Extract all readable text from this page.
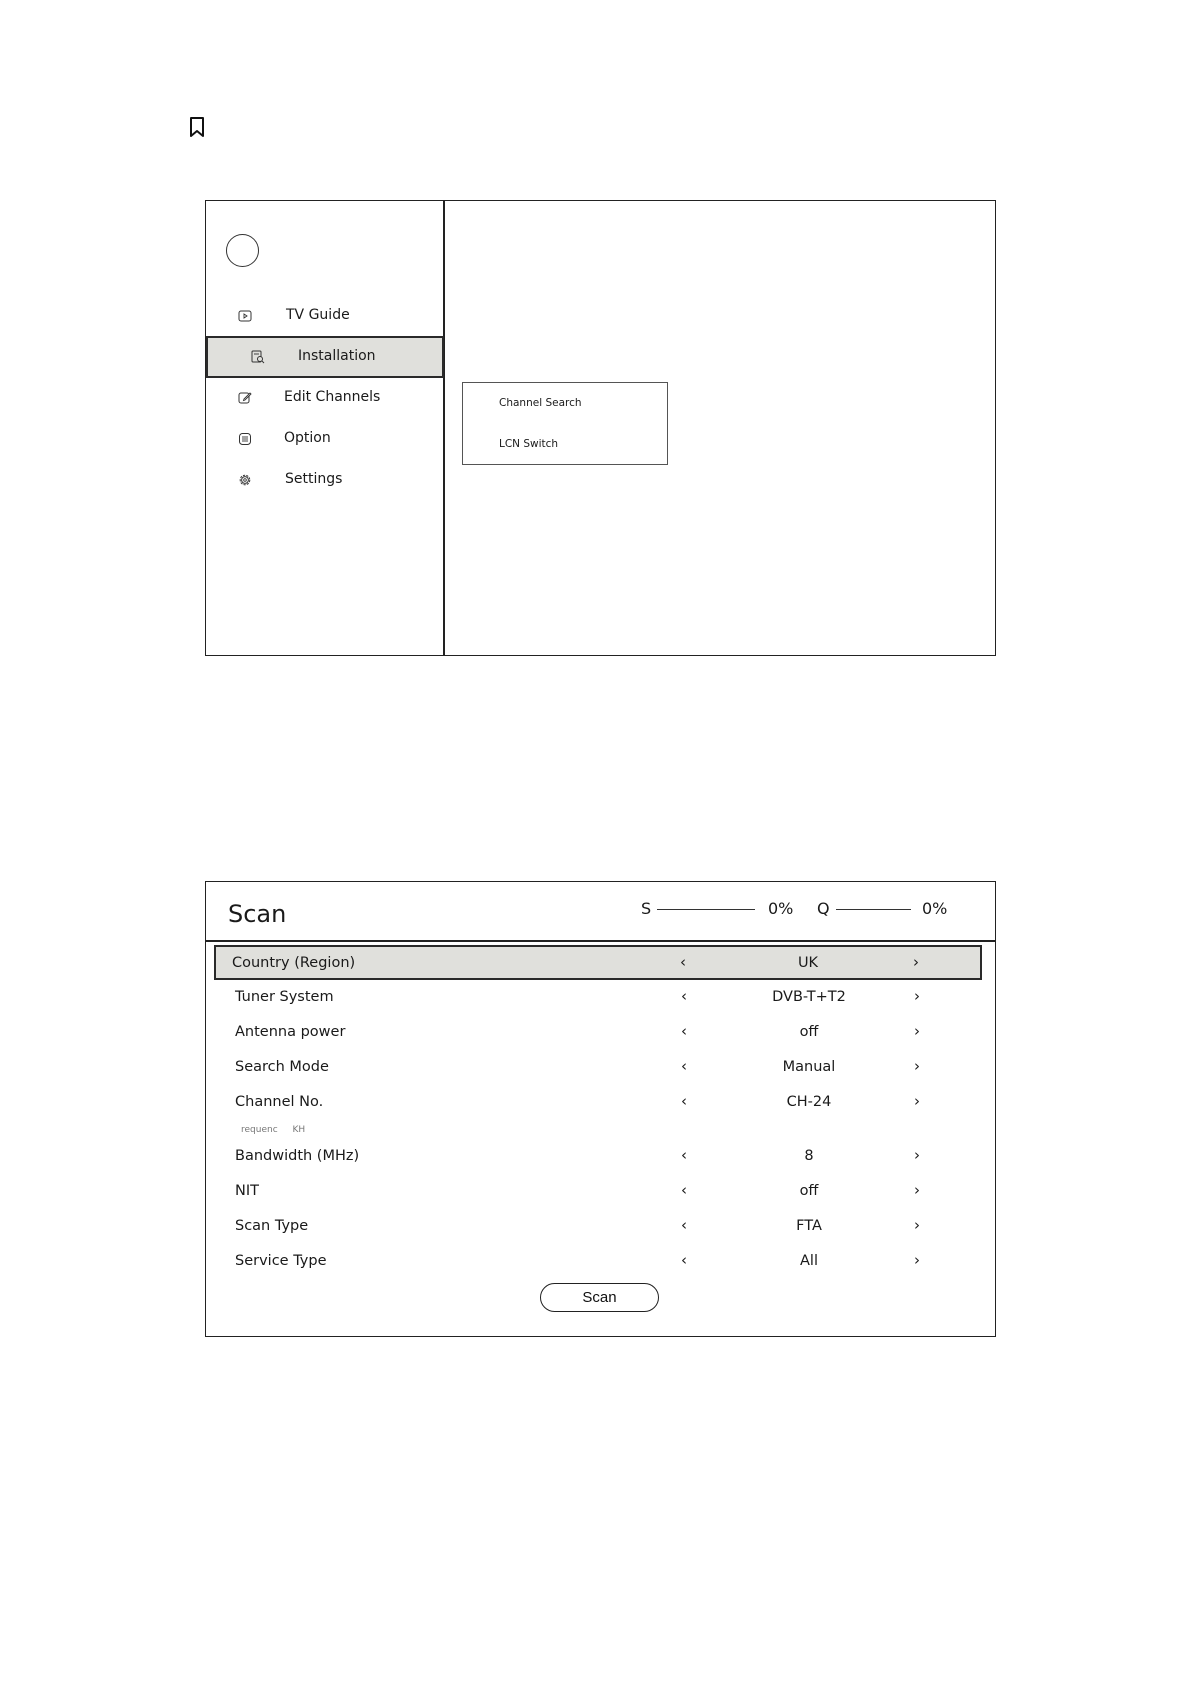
TV Guide
Installation
Edit Channels
Option
Settings
Channel Search
LCN Switch
Scan	S	0% Q	0%
Country (Region)	‹	UK	›
Tuner System	‹	DVB-T+T2	›
Antenna power	‹	off	›
Search Mode	‹	Manual	›
Channel No.	‹	CH-24	›
requenc KH
Bandwidth (MHz)	‹	8	›
NIT	‹	off	›
Scan Type	‹	FTA	›
Service Type	‹	All	›
Scan
